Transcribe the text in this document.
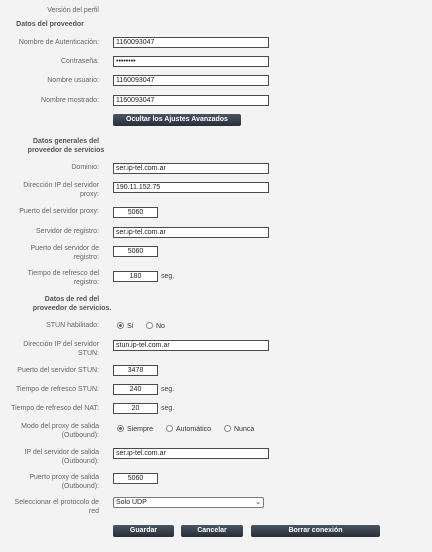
Versión del perfil
Datos del proveedor
Nombre de Autenticación:	1160093047
Contraseña:	••••••••
Nombre usuario:	1160093047
Nombre mostrado:	1160093047
Ocultar los Ajustes Avanzados
Datos generales del
proveedor de servicios
Dominio:	ser.ip-tel.com.ar
Dirección IP del servidor
proxy:
190.11.152.75
Puerto del servidor proxy:	5060
Servidor de registro:	ser.ip-tel.com.ar
Puerto del servidor de
registro:
5060
Tiempo de refresco del
registro:
180	seg.
Datos de red del
proveedor de servicios.
STUN habilitado:	Sí	No
Dirección IP del servidor
STUN:
stun.ip-tel.com.ar
Puerto del servidor STUN:	3478
Tiempo de refresco STUN:	240	seg.
Tiempo de refresco del NAT:	20	seg.
Modo del proxy de salida
(Outbound):
Siempre	Automático	Nunca
IP del servidor de salida
(Outbound):
ser.ip-tel.com.ar
Puerto proxy de salida
(Outbound):
5060
Seleccionar el protocolo de
red
Solo UDP	⌄
Guardar	Cancelar	Borrar conexión
